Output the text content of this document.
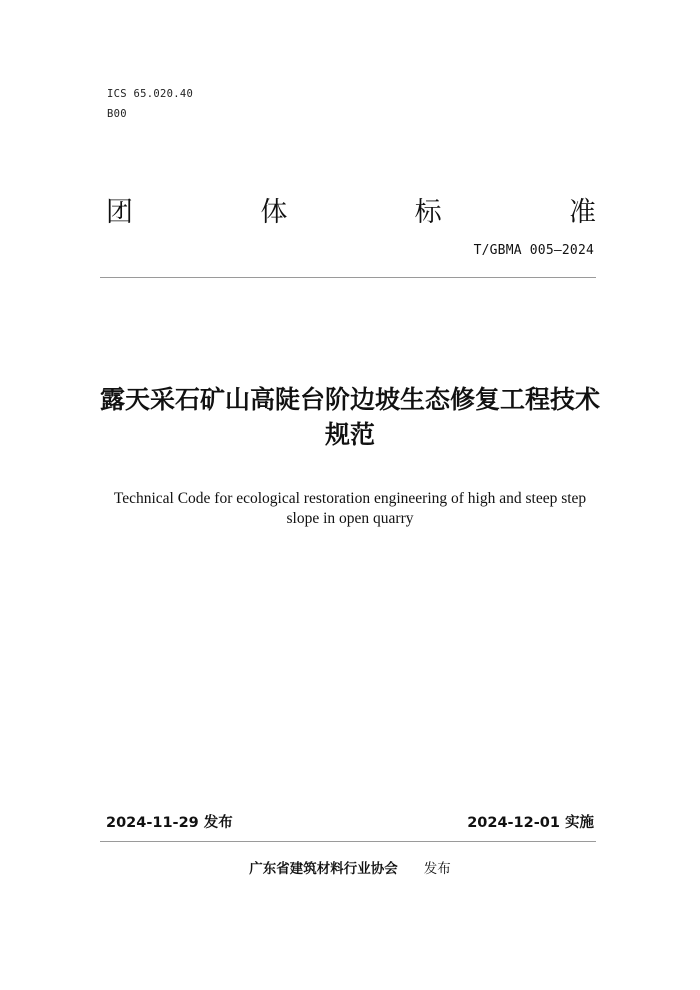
ICS 65.020.40
B00
团	体	标	准
T/GBMA 005—2024
露天采石矿山高陡台阶边坡生态修复工程技术规范
Technical Code for ecological restoration engineering of high and steep step slope in open quarry
2024-11-29 发布	2024-12-01 实施
广东省建筑材料行业协会 发布
